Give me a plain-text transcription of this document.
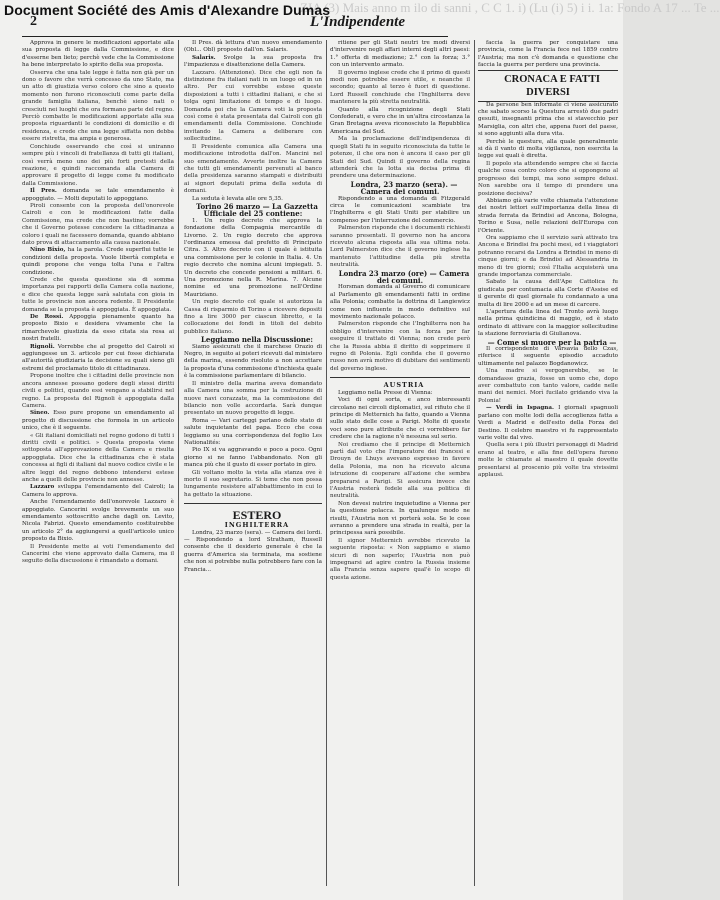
ZIA (3) Mais anno m ilo di sanni , C C 1. i) (Lu (i) 5) i i. 1a: Fondo A 17 ... Te ...
Document Société des Amis d'Alexandre Dumas
2	L'Indipendente

Approva in genere le modificazioni apportate alla sua proposta di legge dalla Commissione, e dice d'esserne ben lieto; perchè vede che la Commissione ha bene interpretato lo spirito della sua proposta.

Osserva che una tale legge è fatta non già per un dono o favore che verrà concesso da uno Stato, ma un atto di giustizia verso coloro che sino a questo momento non furono riconosciuti come parte della grande famiglia italiana, benchè sieno nati o cresciuti nei luoghi che ora formano parte del regno. Perciò combatte le modificazioni apportate alla sua proposta riguardanti le condizioni di domicilio e di residenza, e crede che una legge siffatta non debba essere ristretta, ma ampia e generosa.

Conchiude osservando che così si uniranno sempre più i vincoli di fratellanza di tutti gli italiani, così verrà meno uno dei più forti pretesti della reazione, e quindi raccomanda alla Camera di approvare il progetto di legge come fu modificato dalla Commissione.

Il Pres. domanda se tale emendamento è appoggiato. — Molti deputati lo appoggiano.

Piroli consente con la proposta dell'onorevole Cairoli e con le modificazioni fatte dalla Commissione, ma crede che non bastino; vorrebbe che il Governo potesse concedere la cittadinanza a coloro i quali ne facessero domanda, quando abbiano dato prova di attaccamento alla causa nazionale.

Nino Bixio, ha la parola. Crede superflui tutte le condizioni della proposta. Vuole libertà completa e quindi propone che venga tolta l'una e l'altra condizione.

Crede che questa questione sia di somma importanza pei rapporti della Camera colla nazione, e dice che questa legge sarà salutata con gioia in tutte le provincie non ancora redente. Il Presidente domanda se la proposta è appoggiata. È appoggiata.

De Rossi. Appoggia pienamente quanto ha proposto Bixio e desidera vivamente che la rimarchevole giustizia da esso citata sia resa ai nostri fratelli.

Rignoli. Vorrebbe che al progetto del Cairoli si aggiungesse un 3. articolo per cui fosse dichiarata all'autorità giudiziaria la decisione su quali sieno gli estremi del proclamato titolo di cittadinanza.

Propone inoltre che i cittadini delle provincie non ancora annesse possano godere degli stessi diritti civili e politici, quando essi vengano a stabilirsi nel regno. La proposta del Rignoli è appoggiata dalla Camera.

Sineo. Esso pure propone un emendamento al progetto di discussione che formola in un articolo unico, che è il seguente.

« Gli italiani domiciliati nel regno godono di tutti i diritti civili e politici. » Questa proposta viene sottoposta all'approvazione della Camera e risulta appoggiata. Dice che la cittadinanza che è stata concessa ai figli di italiani dal nuovo codice civile e le altre leggi del regno debbono intendersi estese anche a quelli delle provincie non annesse.

Lazzaro sviluppa l'emendamento del Cairoli; la Camera lo approva.

Anche l'emendamento dell'onorevole Lazzaro è appoggiato. Cancerini svolge brevemente un suo emendamento sottoscritto anche dagli on. Levito, Nicola Fabrizi. Questo emendamento costituirebbe un articolo 2° da aggiungersi a quell'articolo unico proposto da Bixio.

Il Presidente mette ai voti l'emendamento del Cancerini che viene approvato dalla Camera, ma il seguito della discussione è rimandato a domani.

Il Pres. dà lettura d'un nuovo emendamento (Obl... Obl) proposto dall'on. Salaris.

Salaris. Svolge la sua proposta fra l'impazienza e disattenzione della Camera.

Lazzaro. (Attenzione). Dice che egli non fa distinzione fra italiani nati in un luogo od in un altro. Per cui vorrebbe estese queste disposizioni a tutti i cittadini italiani, e che si tolga ogni limitazione di tempo e di luogo. Domanda poi che la Camera voti la proposta così come è stata presentata dal Cairoli con gli emendamenti della Commissione. Conchiude invitando la Camera a deliberare con sollecitudine.

Il Presidente comunica alla Camera una modificazione introdotta dall'on. Mancini nel suo emendamento. Avverte inoltre la Camera che tutti gli emendamenti pervenuti al banco della presidenza saranno stampati e distribuiti ai signori deputati prima della seduta di domani.

La seduta è levata alle ore 5,35.

Torino 26 marzo — La Gazzetta Ufficiale del 25 contiene:

1. Un regio decreto che approva la fondazione della Compagnia mercantile di Livorno. 2. Un regio decreto che approva l'ordinanza emessa dal prefetto di Principato Citra. 3. Altro decreto con il quale è istituita una commissione per le colonie in Italia. 4. Un regio decreto che nomina alcuni impiegati. 5. Un decreto che concede pensioni a militari. 6. Una promozione nella R. Marina. 7. Alcune nomine ed una promozione nell'Ordine Mauriziano.

Un regio decreto col quale si autorizza la Cassa di risparmio di Torino a ricevere depositi fino a lire 3000 per ciascun libretto, e la collocazione dei fondi in titoli del debito pubblico italiano.

Leggiamo nella Discussione:

Siamo assicurati che il marchese Orazio di Negro, in seguito ai poteri ricevuti dal ministero della marina, essendo risoluto a non accettare la proposta d'una commissione d'inchiesta quale è la commissione parlamentare di bilancio.

Il ministro della marina aveva domandato alla Camera una somma per la costruzione di nuove navi corazzate, ma la commissione del bilancio non volle accordarla. Sarà dunque presentato un nuovo progetto di legge.

Roma — Vari carteggi parlano dello stato di salute inquietante del papa. Ecco che cosa leggiamo su una corrispondenza del foglio Les Nationalités:

Pio IX si va aggravando e poco a poco. Ogni giorno si ne fanno l'abbandonato. Non gli manca più che il gusto di esser portato in giro.

Gli voltano molto la vista alla stanza ove è morto il suo segretario. Si teme che non possa lungamente resistere all'abbattimento in cui lo ha gettato la situazione.

ESTERO

INGHILTERRA

Londra, 23 marzo (sera). — Camera dei lordi. — Rispondendo a lord Stratham, Russell consente che il desiderio generale è che la guerra d'America sia terminata, ma sostiene che non si potrebbe nulla potrebbero fare con la Francia...

ritiene per gli Stati neutri tre modi diversi d'intervenire negli affari interni degli altri paesi: 1.° offerta di mediazione; 2.° con la forza; 3.° con un intervento armato.

Il governo inglese crede che il primo di questi modi non potrebbe essere utile, e neanche il secondo; quanto al terzo è fuori di questione. Lord Russell conchiude che l'Inghilterra deve mantenere la più stretta neutralità.

Quanto alla ricognizione degli Stati Confederati, e vero che in un'altra circostanza la Gran Bretagna aveva riconosciuto la Repubblica Americana del Sud.

Ma la proclamazione dell'indipendenza di quegli Stati fu in seguito riconosciuta da tutte le potenze, il che ora non è ancora il caso per gli Stati del Sud. Quindi il governo della regina attenderà che la lotta sia decisa prima di prendere una determinazione.

Londra, 23 marzo (sera). — Camera dei comuni.

Rispondendo a una domanda di Fitzgerald circa le comunicazioni scambiate tra l'Inghilterra e gli Stati Uniti per stabilire un compenso per l'interruzione del commercio.

Palmerston risponde che i documenti richiesti saranno presentati. Il governo non ha ancora ricevuto alcuna risposta alla sua ultima nota. Lord Palmerston dice che il governo inglese ha mantenuto l'attitudine della più stretta neutralità.

Londra 23 marzo (ore) — Camera dei comuni.

Horsman domanda al Governo di comunicare al Parlamento gli emendamenti fatti in ordine alla Polonia; combatte la dottrina di Langiewicz come non influente in modo definitivo sul movimento nazionale polacco.

Palmerston risponde che l'Inghilterra non ha obbligo d'intervenire con la forza per far eseguire il trattato di Vienna; non crede però che la Russia abbia il diritto di sopprimere il regno di Polonia. Egli confida che il governo russo non avrà motivo di dubitare dei sentimenti del governo inglese.

AUSTRIA

Leggiamo nella Presse di Vienna:

Voci di ogni sorta, e anco interessanti circolano nei circoli diplomatici, sul rifiuto che il principe di Metternich ha fatto, quando a Vienna sullo stato delle cose a Parigi. Molte di queste voci sono pure attribuite che ci vorrebbero far credere che la ragione n'è nessuna sul serio.

Noi crediamo che il principe di Metternich partì dal voto che l'imperatore dei francesi e Drouyn de Lhuys avevano espresso in favore della Polonia, ma non ha ricevuto alcuna istruzione di cooperare all'azione che sembra prepararsi a Parigi. Si assicura invece che l'Austria resterà fedele alla sua politica di neutralità.

Non devesi nutrire inquietudine a Vienna per la questione polacca. In qualunque modo ne risulti, l'Austria non vi porterà sola. Se le cose avranno a prendere una strada in realtà, per la principessa sarà possibile.

Il signor Metternich avrebbe ricevuto la seguente risposta: « Non sappiamo e siamo sicuri di non saperlo; l'Austria non può impegnarsi ad agire contro la Russia insieme alla Francia senza sapere qual'è lo scopo di questa azione.

faccia la guerra per conquistare una provincia, come la Francia fece nel 1859 contro l'Austria; ma non c'è domanda e questione che faccia la guerra per perdere una provincia.

CRONACA E FATTI DIVERSI

Da persone ben informate ci viene assicurato che sabato scorso la Questura arrestò due padri gesuiti, insegnanti prima che si stavecchio per Marsiglia, con altri che, appena fuori del paese, si sono aggiunti alla dura vita.

Perchè le questure, alla quale generalmente si dà il vanto di molta vigilanza, non esercita la legge sui quali è diretta.

Il popolo sta attendendo sempre che si faccia qualche cosa contro coloro che si oppongono al progresso dei tempi, ma sono sempre delusi. Non sarebbe ora il tempo di prendere una posizione decisiva?

Abbiamo già varie volte chiamata l'attenzione dei nostri lettori sull'importanza della linea di strada ferrata da Brindisi ad Ancona, Bologna, Torino e Susa, nelle relazioni dell'Europa con l'Oriente.

Ora sappiamo che il servizio sarà attivato tra Ancona e Brindisi fra pochi mesi, ed i viaggiatori potranno recarsi da Londra a Brindisi in meno di cinque giorni; e da Brindisi ad Alessandria in meno di tre giorni; così l'Italia acquisterà una grande importanza commerciale.

Sabato la causa dell'Ape Cattolica fu giudicata per contumacia alla Corte d'Assise ed il gerente di quel giornale fu condannato a una multa di lire 2000 e ad un mese di carcere.

L'apertura della linea del Tronto avrà luogo nella prima quindicina di maggio, ed è stato ordinato di attivare con la maggior sollecitudine la stazione ferroviaria di Giulianova.

— Come si muore per la patria —

Il corrispondente di Varsavia dello Czas, riferisce il seguente episodio accaduto ultimamente nel palazzo Bogdanowicz.

Una madre si vergognerebbe, se le domandasse grazia, fosse un uomo che, dopo aver combattuto con tanto valore, cadde nelle mani dei nemici. Morì fucilato gridando viva la Polonia!

— Verdi in Ispagna. I giornali spagnuoli parlano con molte lodi della accoglienza fatta a Verdi a Madrid e dell'esito della Forza del Destino. Il celebre maestro vi fu rappresentato varie volte dal vivo.

Quella sera i più illustri personaggi di Madrid erano al teatro, e alla fine dell'opera furono molte le chiamate al maestro il quale dovette presentarsi al proscenio più volte tra vivissimi applausi.
